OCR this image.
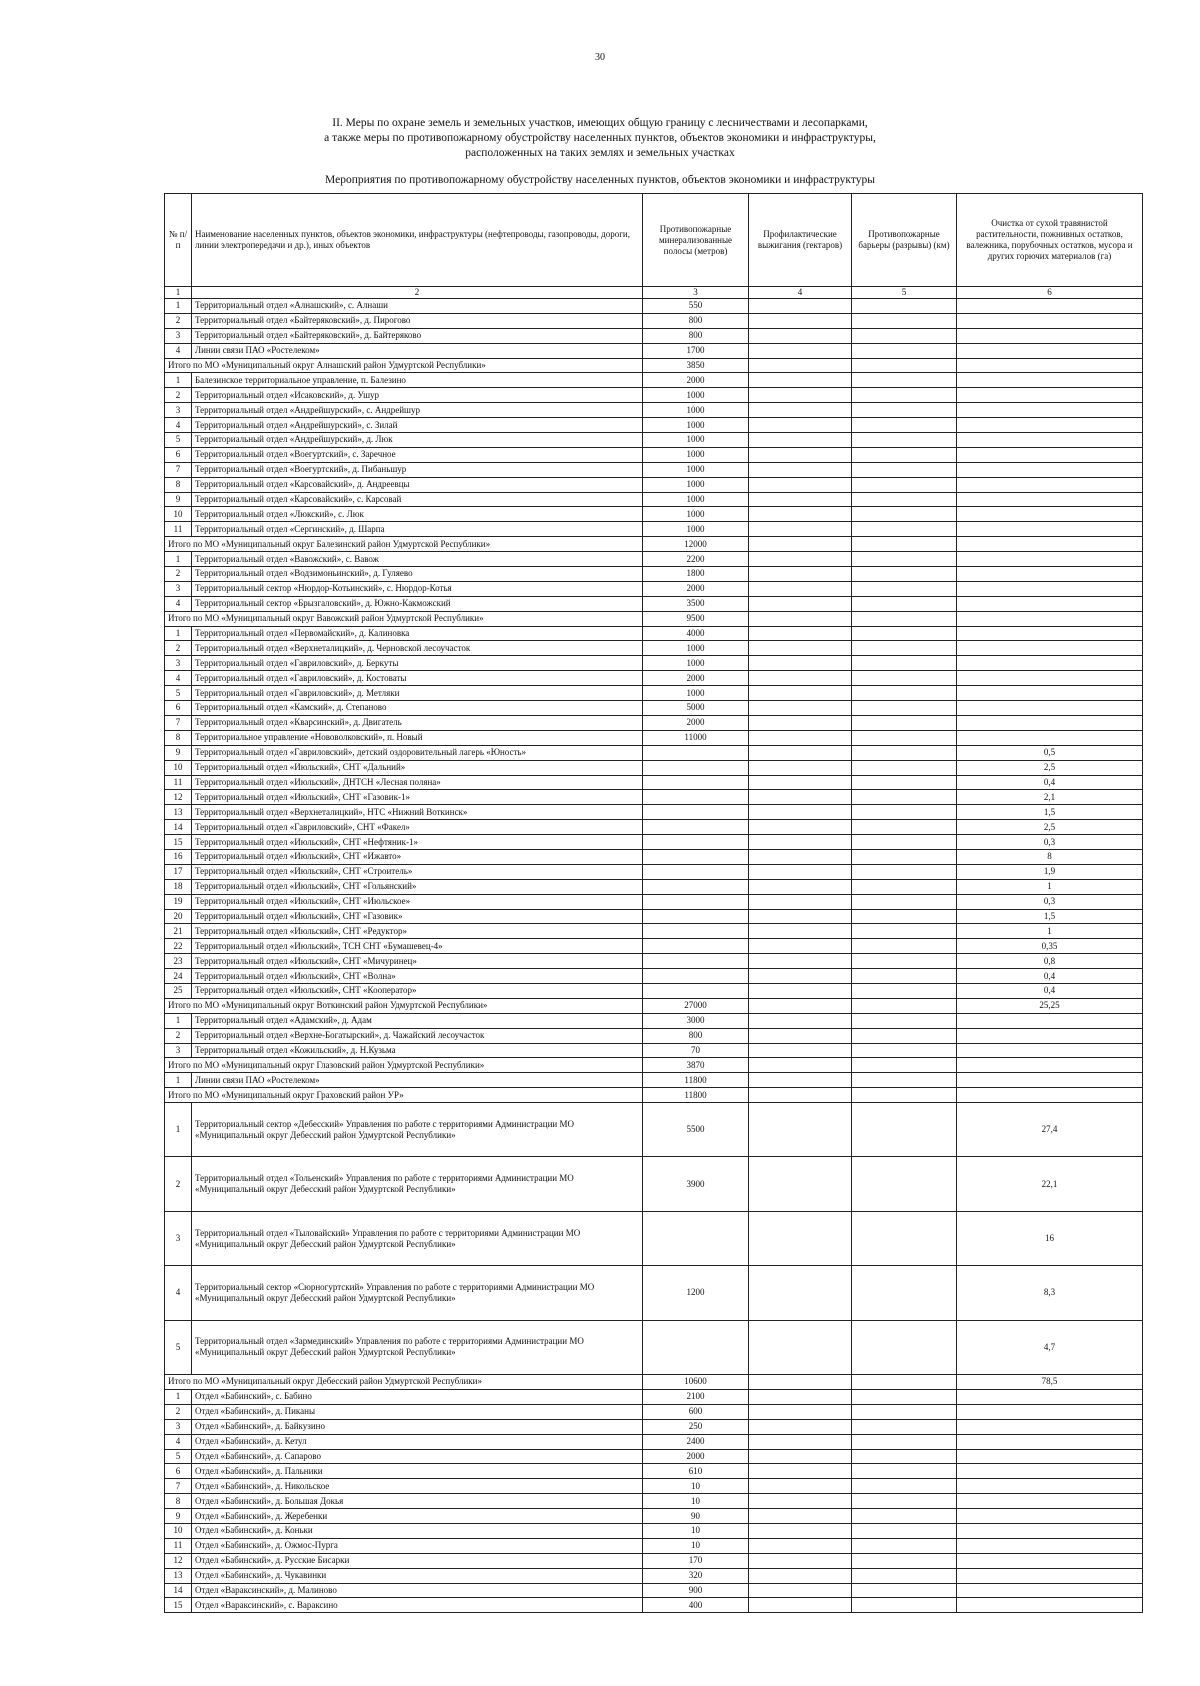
30
II. Меры по охране земель и земельных участков, имеющих общую границу с лесничествами и лесопарками,
а также меры по противопожарному обустройству населенных пунктов, объектов экономики и инфраструктуры,
расположенных на таких землях и земельных участках
Мероприятия по противопожарному обустройству населенных пунктов, объектов экономики и инфраструктуры
№ п/п	Наименование населенных пунктов, объектов экономики, инфраструктуры (нефтепроводы, газопроводы, дороги, линии электропередачи и др.), иных объектов	Противопожарные минерализованные полосы (метров)	Профилактические выжигания (гектаров)	Противопожарные барьеры (разрывы) (км)	Очистка от сухой травянистой растительности, пожнивных остатков, валежника, порубочных остатков, мусора и других горючих материалов (га)
1	2	3	4	5	6
1	Территориальный отдел «Алнашский», с. Алнаши	550			
2	Территориальный отдел «Байтеряковский», д. Пирогово	800			
3	Территориальный отдел «Байтеряковский», д. Байтеряково	800			
4	Линии связи ПАО «Ростелеком»	1700			
Итого по МО «Муниципальный округ Алнашский район Удмуртской Республики»		3850			
1	Балезинское территориальное управление, п. Балезино	2000			
2	Территориальный отдел «Исаковский», д. Ушур	1000			
3	Территориальный отдел «Андрейшурский», с. Андрейшур	1000			
4	Территориальный отдел «Андрейшурский», с. Зилай	1000			
5	Территориальный отдел «Андрейшурский», д. Люк	1000			
6	Территориальный отдел «Воегуртский», с. Заречное	1000			
7	Территориальный отдел «Воегуртский», д. Пибаньшур	1000			
8	Территориальный отдел «Карсовайский», д. Андреевцы	1000			
9	Территориальный отдел «Карсовайский», с. Карсовай	1000			
10	Территориальный отдел «Люкский», с. Люк	1000			
11	Территориальный отдел «Сергинский», д. Шарпа	1000			
Итого по МО «Муниципальный округ Балезинский район Удмуртской Республики»		12000			
1	Территориальный отдел «Вавожский», с. Вавож	2200			
2	Территориальный отдел «Водзимоньинский», д. Гуляево	1800			
3	Территориальный сектор «Нюрдор-Котьинский», с. Нюрдор-Котья	2000			
4	Территориальный сектор «Брызгаловский», д. Южно-Какможский	3500			
Итого по МО «Муниципальный округ Вавожский район Удмуртской Республики»		9500			
1	Территориальный отдел «Первомайский», д. Калиновка	4000			
2	Территориальный отдел «Верхнеталицкий», д. Черновской лесоучасток	1000			
3	Территориальный отдел «Гавриловский», д. Беркуты	1000			
4	Территориальный отдел «Гавриловский», д. Костоваты	2000			
5	Территориальный отдел «Гавриловский», д. Метляки	1000			
6	Территориальный отдел «Камский», д. Степаново	5000			
7	Территориальный отдел «Кварсинский», д. Двигатель	2000			
8	Территориальное управление «Нововолковский», п. Новый	11000			
9	Территориальный отдел «Гавриловский», детский оздоровительный лагерь «Юность»				0,5
10	Территориальный отдел «Июльский», СНТ «Дальний»				2,5
11	Территориальный отдел «Июльский», ДНТСН «Лесная поляна»				0,4
12	Территориальный отдел «Июльский», СНТ «Газовик-1»				2,1
13	Территориальный отдел «Верхнеталицкий», НТС «Нижний Воткинск»				1,5
14	Территориальный отдел «Гавриловский», СНТ «Факел»				2,5
15	Территориальный отдел «Июльский», СНТ «Нефтяник-1»				0,3
16	Территориальный отдел «Июльский», СНТ «Ижавто»				8
17	Территориальный отдел «Июльский», СНТ «Строитель»				1,9
18	Территориальный отдел «Июльский», СНТ «Гольянский»				1
19	Территориальный отдел «Июльский», СНТ «Июльское»				0,3
20	Территориальный отдел «Июльский», СНТ «Газовик»				1,5
21	Территориальный отдел «Июльский», СНТ «Редуктор»				1
22	Территориальный отдел «Июльский», ТСН СНТ «Бумашевец-4»				0,35
23	Территориальный отдел «Июльский», СНТ «Мичуринец»				0,8
24	Территориальный отдел «Июльский», СНТ «Волна»				0,4
25	Территориальный отдел «Июльский», СНТ «Кооператор»				0,4
Итого по МО «Муниципальный округ Воткинский район Удмуртской Республики»		27000			25,25
1	Территориальный отдел «Адамский», д. Адам	3000			
2	Территориальный отдел «Верхне-Богатырский», д. Чажайский лесоучасток	800			
3	Территориальный отдел «Кожильский», д. Н.Кузьма	70			
Итого по МО «Муниципальный округ Глазовский район Удмуртской Республики»		3870			
1	Линии связи ПАО «Ростелеком»	11800			
Итого по МО «Муниципальный округ Граховский район УР»		11800			
1	Территориальный сектор «Дебесский» Управления по работе с территориями Администрации МО «Муниципальный округ Дебесский район Удмуртской Республики»	5500			27,4
2	Территориальный отдел «Тольенский» Управления по работе с территориями Администрации МО «Муниципальный округ Дебесский район Удмуртской Республики»	3900			22,1
3	Территориальный отдел «Тыловайский» Управления по работе с территориями Администрации МО «Муниципальный округ Дебесский район Удмуртской Республики»				16
4	Территориальный сектор «Сюрногуртский» Управления по работе с территориями Администрации МО «Муниципальный округ Дебесский район Удмуртской Республики»	1200			8,3
5	Территориальный отдел «Зармединский» Управления по работе с территориями Администрации МО «Муниципальный округ Дебесский район Удмуртской Республики»				4,7
Итого по МО «Муниципальный округ Дебесский район Удмуртской Республики»		10600			78,5
1	Отдел «Бабинский», с. Бабино	2100			
2	Отдел «Бабинский», д. Пиканы	600			
3	Отдел «Бабинский», д. Байкузино	250			
4	Отдел «Бабинский», д. Кетул	2400			
5	Отдел «Бабинский», д. Сапарово	2000			
6	Отдел «Бабинский», д. Пальники	610			
7	Отдел «Бабинский», д. Никольское	10			
8	Отдел «Бабинский», д. Большая Докья	10			
9	Отдел «Бабинский», д. Жеребенки	90			
10	Отдел «Бабинский», д. Коньки	10			
11	Отдел «Бабинский», д. Ожмос-Пурга	10			
12	Отдел «Бабинский», д. Русские Бисарки	170			
13	Отдел «Бабинский», д. Чукавинки	320			
14	Отдел «Вараксинский», д. Малиново	900			
15	Отдел «Вараксинский», с. Вараксино	400			
